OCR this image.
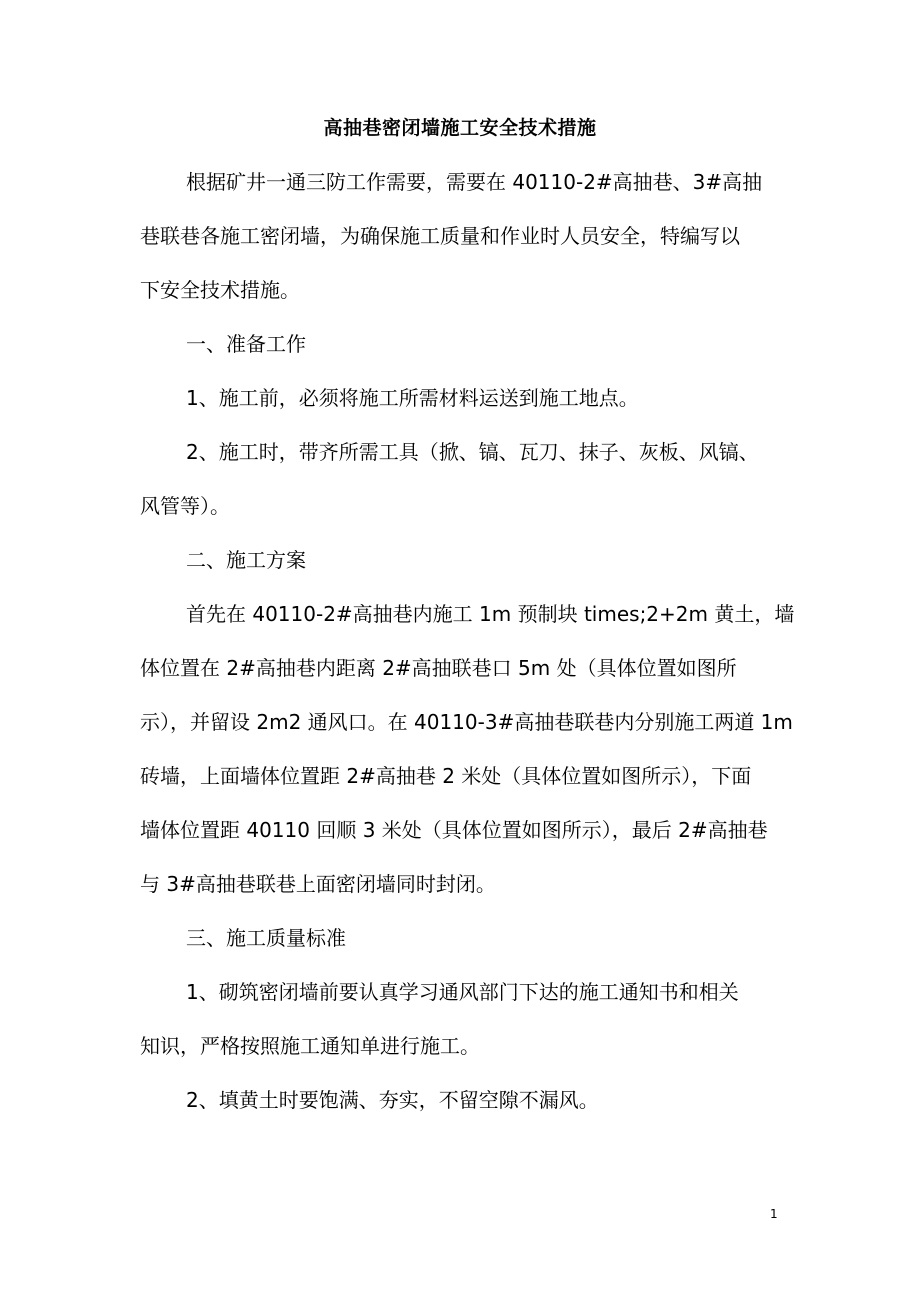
高抽巷密闭墙施工安全技术措施
根据矿井一通三防工作需要，需要在 40110-2#高抽巷、3#高抽
巷联巷各施工密闭墙，为确保施工质量和作业时人员安全，特编写以
下安全技术措施。
一、准备工作
1、施工前，必须将施工所需材料运送到施工地点。
2、施工时，带齐所需工具（掀、镐、瓦刀、抹子、灰板、风镐、
风管等）。
二、施工方案
首先在 40110-2#高抽巷内施工 1m 预制块 times;2+2m 黄土，墙
体位置在 2#高抽巷内距离 2#高抽联巷口 5m 处（具体位置如图所
示），并留设 2m2 通风口。在 40110-3#高抽巷联巷内分别施工两道 1m
砖墙，上面墙体位置距 2#高抽巷 2 米处（具体位置如图所示），下面
墙体位置距 40110 回顺 3 米处（具体位置如图所示），最后 2#高抽巷
与 3#高抽巷联巷上面密闭墙同时封闭。
三、施工质量标准
1、砌筑密闭墙前要认真学习通风部门下达的施工通知书和相关
知识，严格按照施工通知单进行施工。
2、填黄土时要饱满、夯实，不留空隙不漏风。
1
